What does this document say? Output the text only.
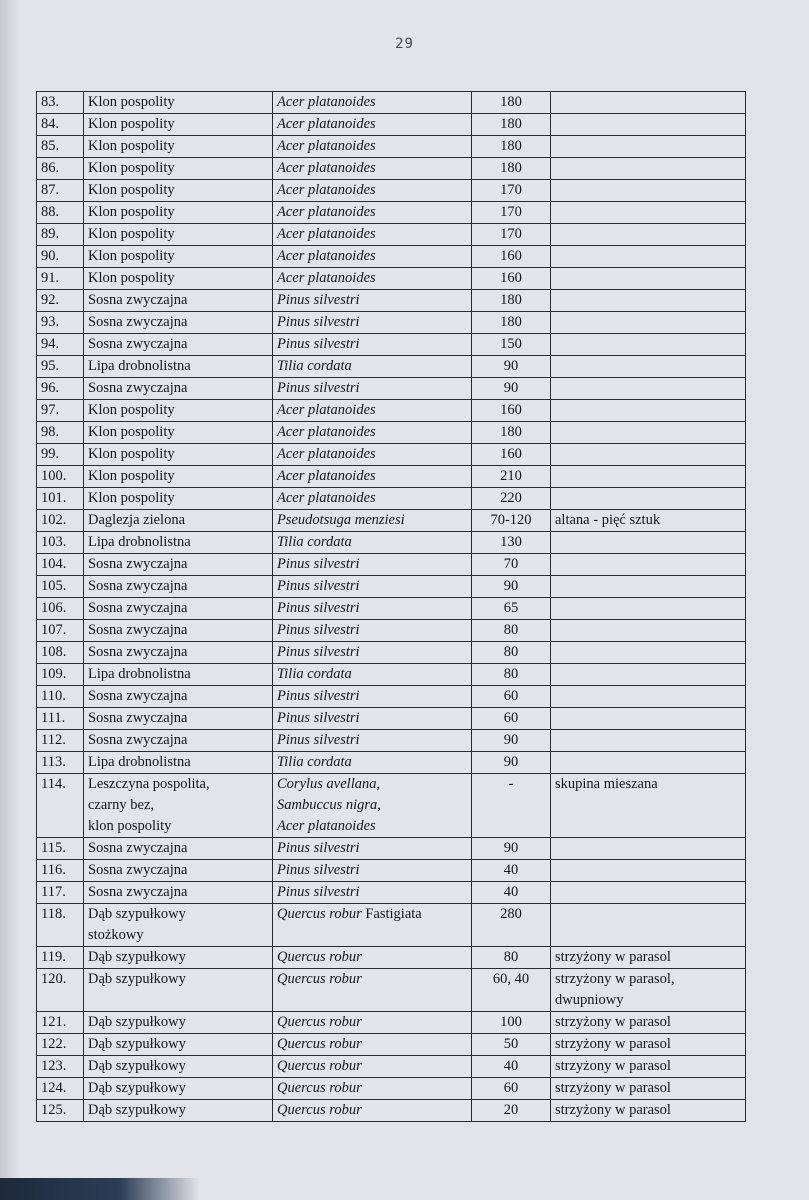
29
83.	Klon pospolity	Acer platanoides	180	
84.	Klon pospolity	Acer platanoides	180	
85.	Klon pospolity	Acer platanoides	180	
86.	Klon pospolity	Acer platanoides	180	
87.	Klon pospolity	Acer platanoides	170	
88.	Klon pospolity	Acer platanoides	170	
89.	Klon pospolity	Acer platanoides	170	
90.	Klon pospolity	Acer platanoides	160	
91.	Klon pospolity	Acer platanoides	160	
92.	Sosna zwyczajna	Pinus silvestri	180	
93.	Sosna zwyczajna	Pinus silvestri	180	
94.	Sosna zwyczajna	Pinus silvestri	150	
95.	Lipa drobnolistna	Tilia cordata	90	
96.	Sosna zwyczajna	Pinus silvestri	90	
97.	Klon pospolity	Acer platanoides	160	
98.	Klon pospolity	Acer platanoides	180	
99.	Klon pospolity	Acer platanoides	160	
100.	Klon pospolity	Acer platanoides	210	
101.	Klon pospolity	Acer platanoides	220	
102.	Daglezja zielona	Pseudotsuga menziesi	70-120	altana - pięć sztuk
103.	Lipa drobnolistna	Tilia cordata	130	
104.	Sosna zwyczajna	Pinus silvestri	70	
105.	Sosna zwyczajna	Pinus silvestri	90	
106.	Sosna zwyczajna	Pinus silvestri	65	
107.	Sosna zwyczajna	Pinus silvestri	80	
108.	Sosna zwyczajna	Pinus silvestri	80	
109.	Lipa drobnolistna	Tilia cordata	80	
110.	Sosna zwyczajna	Pinus silvestri	60	
111.	Sosna zwyczajna	Pinus silvestri	60	
112.	Sosna zwyczajna	Pinus silvestri	90	
113.	Lipa drobnolistna	Tilia cordata	90	
114.	Leszczyna pospolita,
czarny bez,
klon pospolity	Corylus avellana,
Sambuccus nigra,
Acer platanoides	-	skupina mieszana
115.	Sosna zwyczajna	Pinus silvestri	90	
116.	Sosna zwyczajna	Pinus silvestri	40	
117.	Sosna zwyczajna	Pinus silvestri	40	
118.	Dąb szypułkowy
stożkowy	Quercus robur Fastigiata	280	
119.	Dąb szypułkowy	Quercus robur	80	strzyżony w parasol
120.	Dąb szypułkowy	Quercus robur	60, 40	strzyżony w parasol,
dwupniowy
121.	Dąb szypułkowy	Quercus robur	100	strzyżony w parasol
122.	Dąb szypułkowy	Quercus robur	50	strzyżony w parasol
123.	Dąb szypułkowy	Quercus robur	40	strzyżony w parasol
124.	Dąb szypułkowy	Quercus robur	60	strzyżony w parasol
125.	Dąb szypułkowy	Quercus robur	20	strzyżony w parasol
